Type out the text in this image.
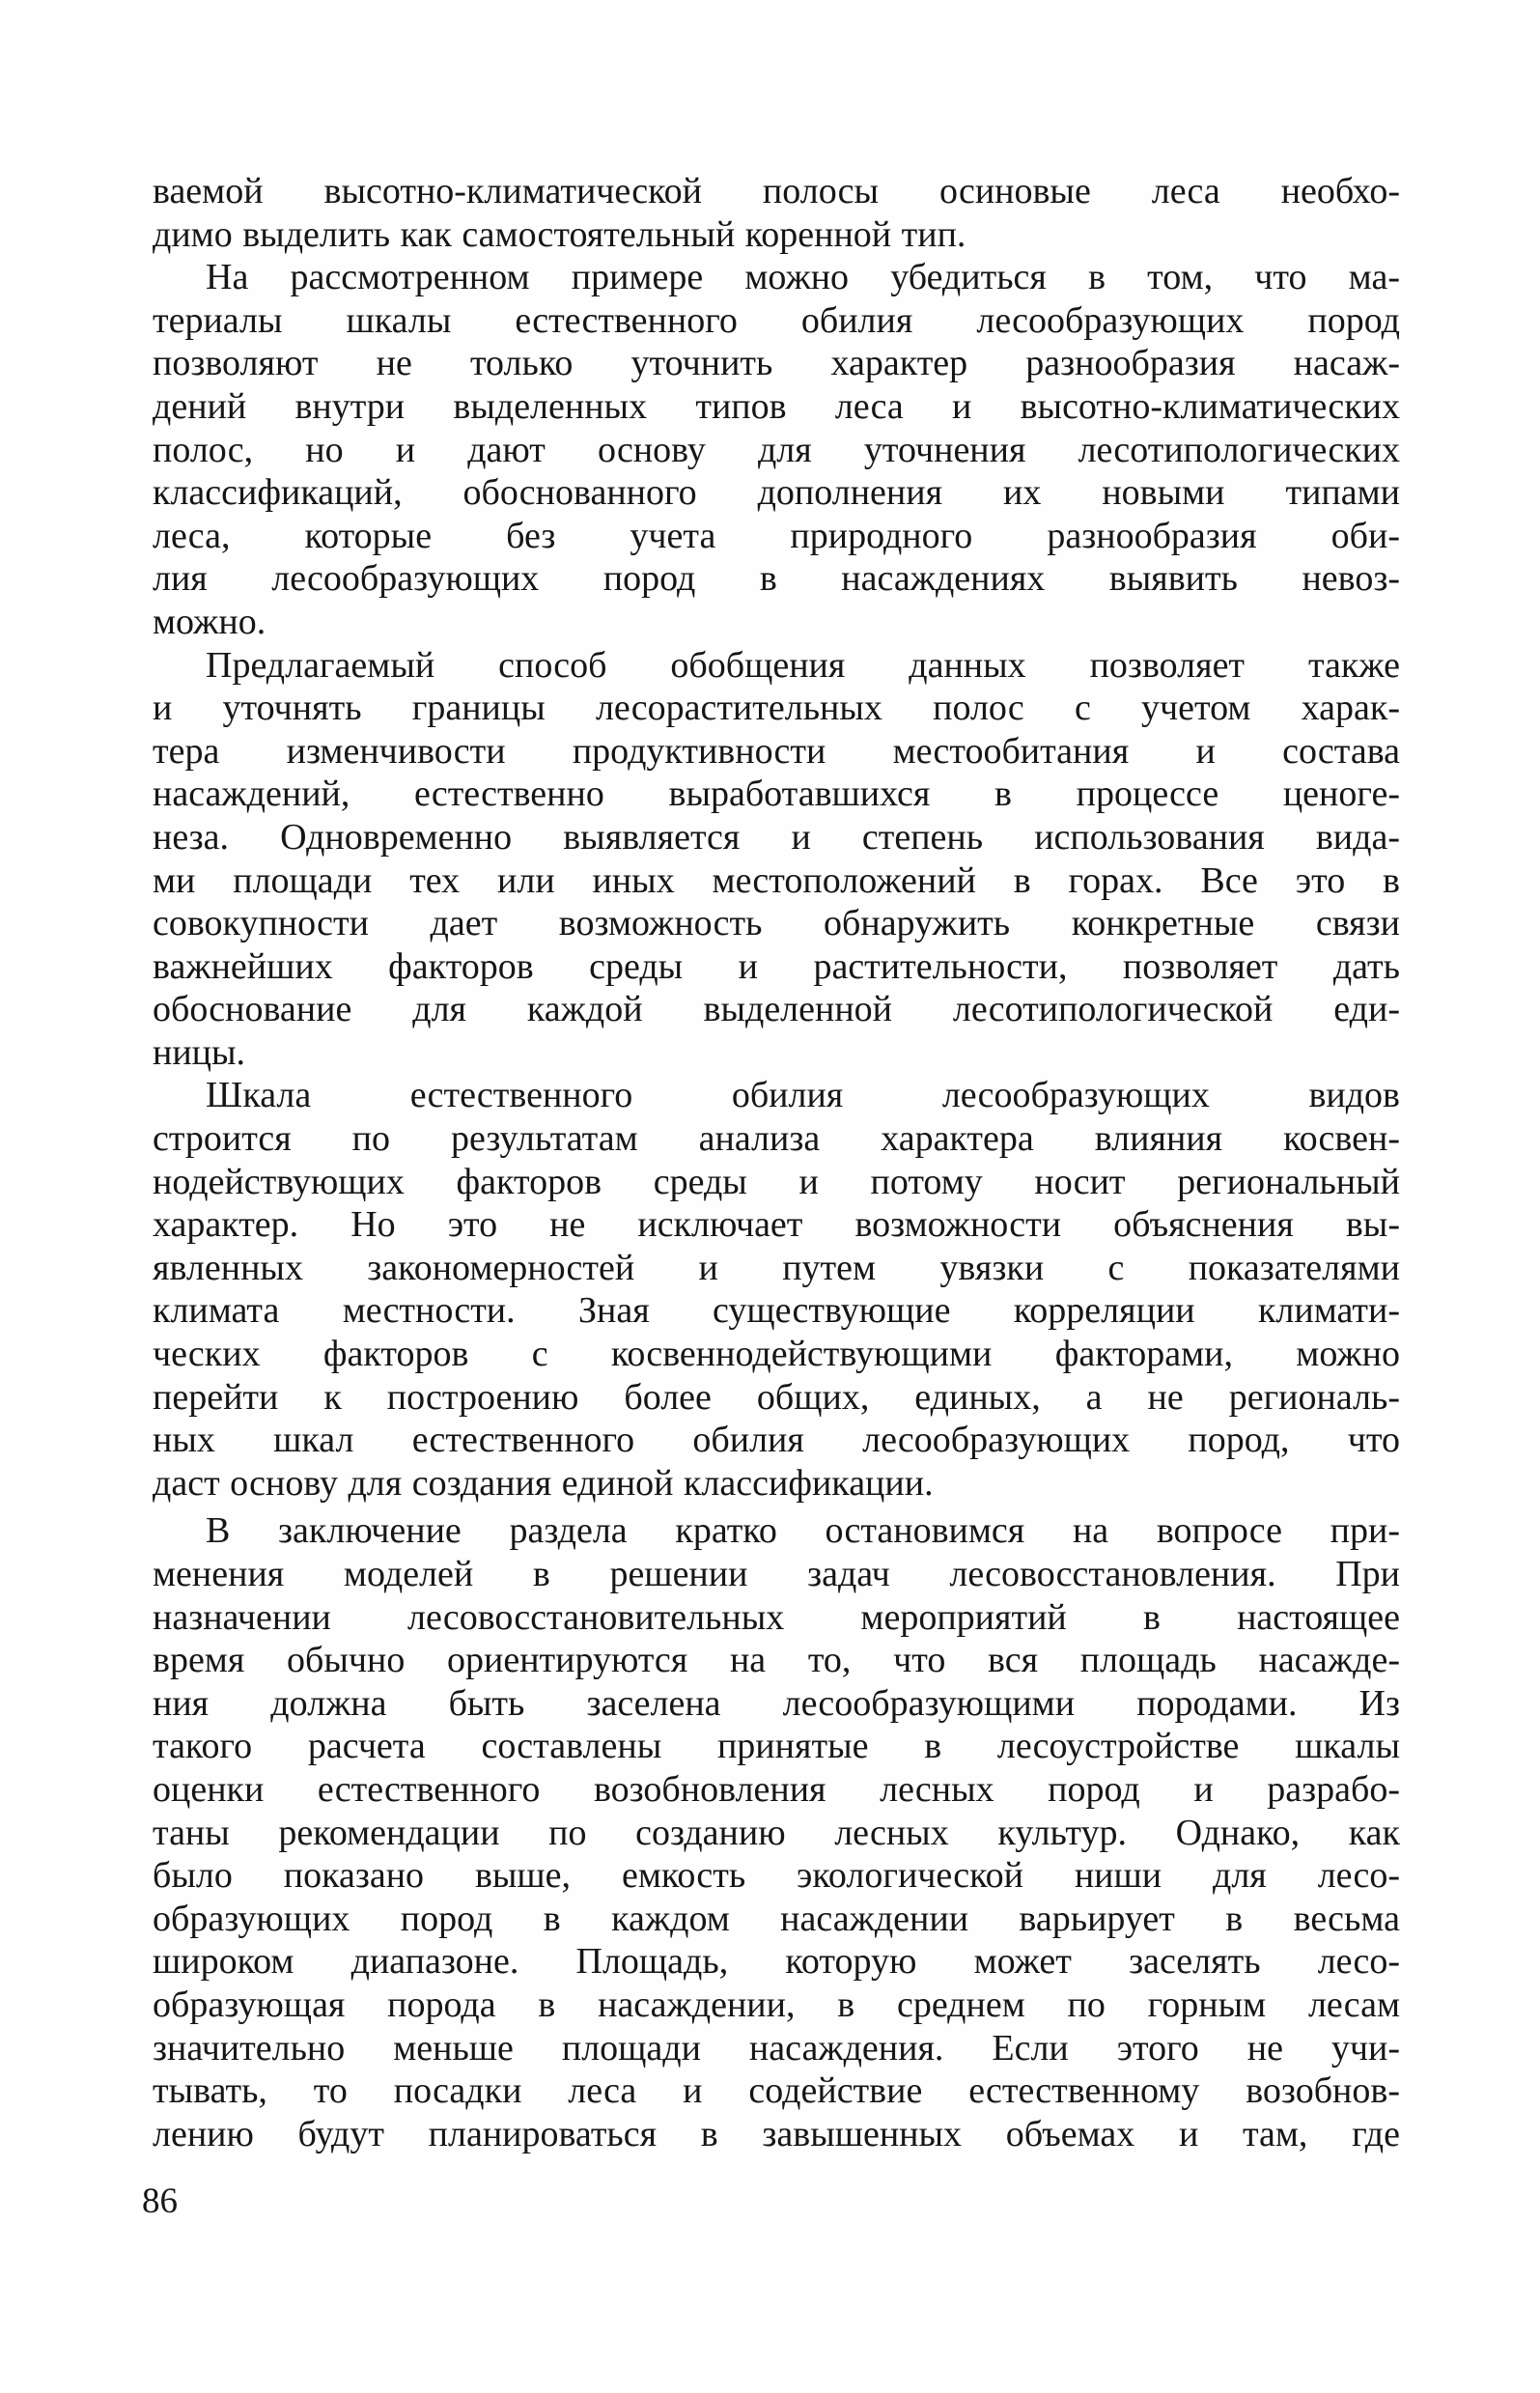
ваемой высотно-климатической полосы осиновые леса необхо-
димо выделить как самостоятельный коренной тип.
На рассмотренном примере можно убедиться в том, что ма-
териалы шкалы естественного обилия лесообразующих пород
позволяют не только уточнить характер разнообразия насаж-
дений внутри выделенных типов леса и высотно-климатических
полос, но и дают основу для уточнения лесотипологических
классификаций, обоснованного дополнения их новыми типами
леса, которые без учета природного разнообразия оби-
лия лесообразующих пород в насаждениях выявить невоз-
можно.
Предлагаемый способ обобщения данных позволяет также
и уточнять границы лесорастительных полос с учетом харак-
тера изменчивости продуктивности местообитания и состава
насаждений, естественно выработавшихся в процессе ценоге-
неза. Одновременно выявляется и степень использования вида-
ми площади тех или иных местоположений в горах. Все это в
совокупности дает возможность обнаружить конкретные связи
важнейших факторов среды и растительности, позволяет дать
обоснование для каждой выделенной лесотипологической еди-
ницы.
Шкала естественного обилия лесообразующих видов
строится по результатам анализа характера влияния косвен-
нодействующих факторов среды и потому носит региональный
характер. Но это не исключает возможности объяснения вы-
явленных закономерностей и путем увязки с показателями
климата местности. Зная существующие корреляции климати-
ческих факторов с косвеннодействующими факторами, можно
перейти к построению более общих, единых, а не региональ-
ных шкал естественного обилия лесообразующих пород, что
даст основу для создания единой классификации.
В заключение раздела кратко остановимся на вопросе при-
менения моделей в решении задач лесовосстановления. При
назначении лесовосстановительных мероприятий в настоящее
время обычно ориентируются на то, что вся площадь насажде-
ния должна быть заселена лесообразующими породами. Из
такого расчета составлены принятые в лесоустройстве шкалы
оценки естественного возобновления лесных пород и разрабо-
таны рекомендации по созданию лесных культур. Однако, как
было показано выше, емкость экологической ниши для лесо-
образующих пород в каждом насаждении варьирует в весьма
широком диапазоне. Площадь, которую может заселять лесо-
образующая порода в насаждении, в среднем по горным лесам
значительно меньше площади насаждения. Если этого не учи-
тывать, то посадки леса и содействие естественному возобнов-
лению будут планироваться в завышенных объемах и там, где
86
